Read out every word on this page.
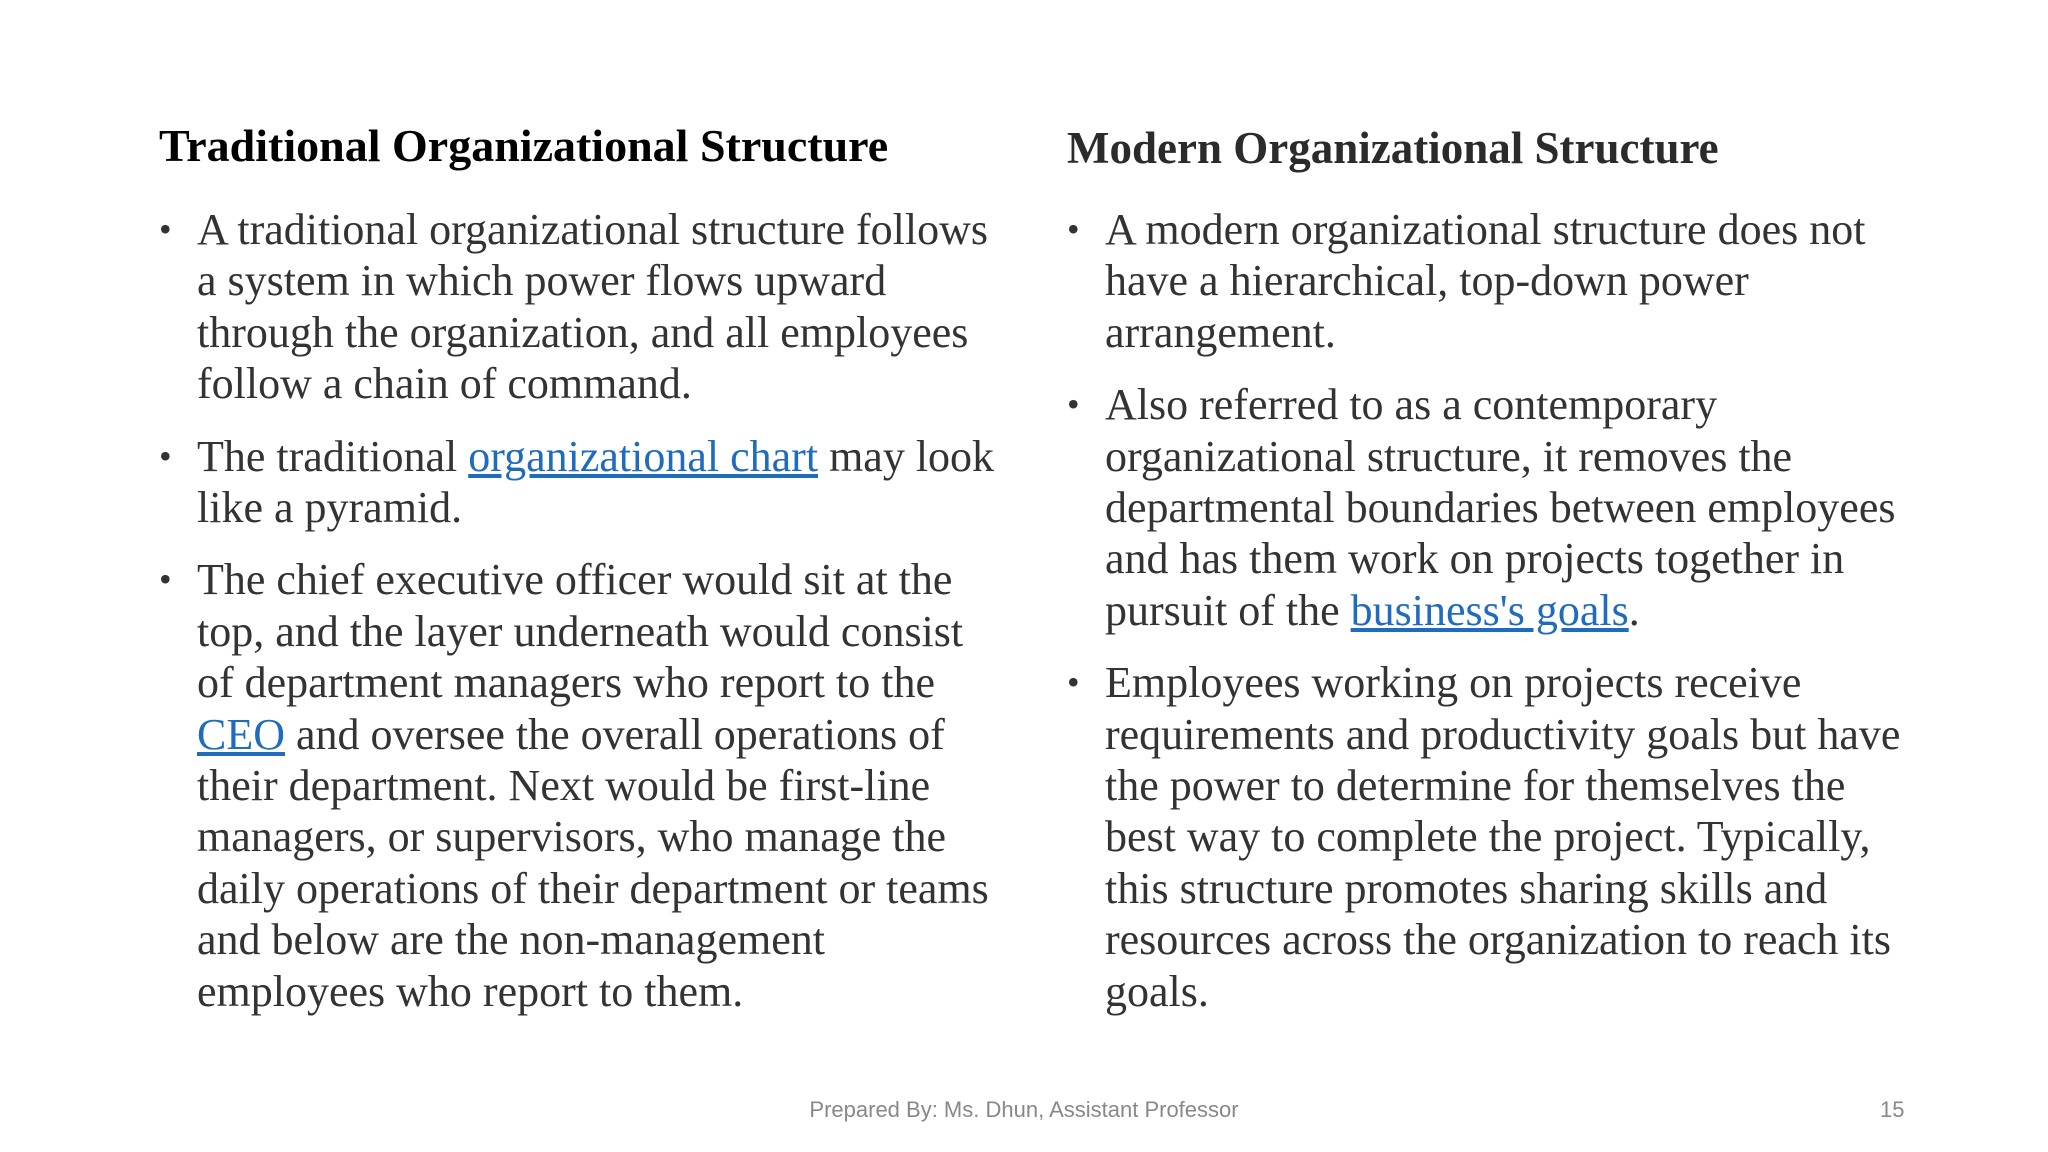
Traditional Organizational Structure
• A traditional organizational structure follows a system in which power flows upward through the organization, and all employees follow a chain of command.
• The traditional organizational chart may look like a pyramid.
• The chief executive officer would sit at the top, and the layer underneath would consist of department managers who report to the CEO and oversee the overall operations of their department. Next would be first-line managers, or supervisors, who manage the daily operations of their department or teams and below are the non-management employees who report to them.
Modern Organizational Structure
• A modern organizational structure does not have a hierarchical, top-down power arrangement.
• Also referred to as a contemporary organizational structure, it removes the departmental boundaries between employees and has them work on projects together in pursuit of the business's goals.
• Employees working on projects receive requirements and productivity goals but have the power to determine for themselves the best way to complete the project. Typically, this structure promotes sharing skills and resources across the organization to reach its goals.
Prepared By: Ms. Dhun, Assistant Professor	15
